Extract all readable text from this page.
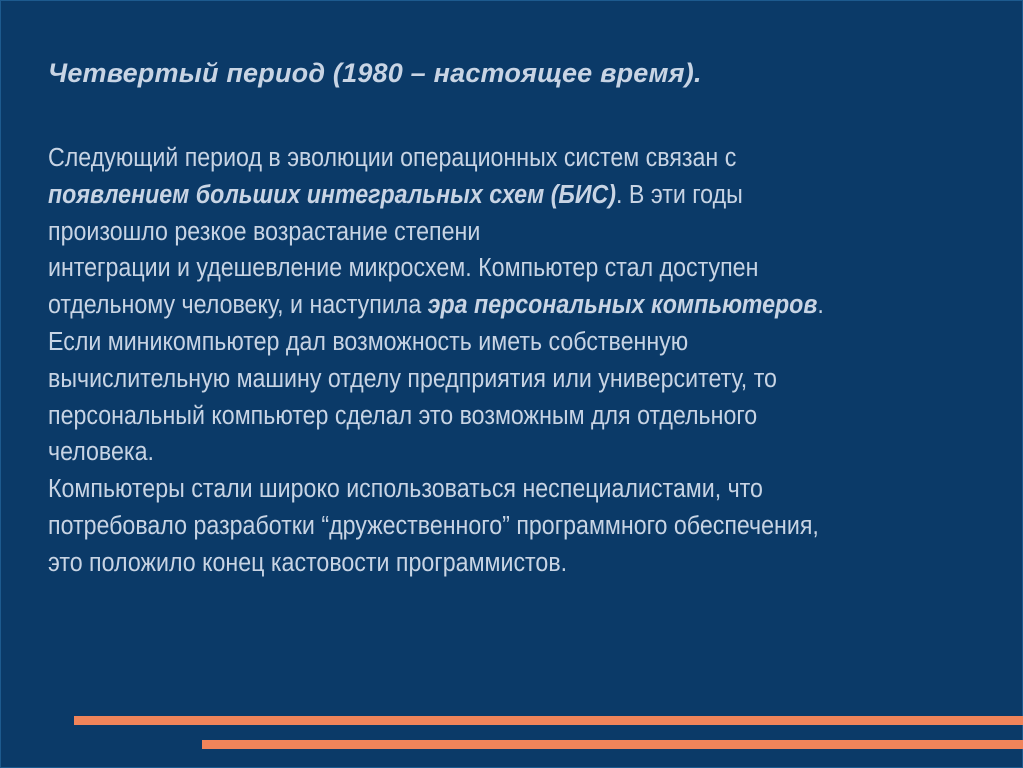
Четвертый период (1980 – настоящее время).
Следующий период в эволюции операционных систем связан с
появлением больших интегральных схем (БИС). В эти годы
произошло резкое возрастание степени
интеграции и удешевление микросхем. Компьютер стал доступен
отдельному человеку, и наступила эра персональных компьютеров.
Если миникомпьютер дал возможность иметь собственную
вычислительную машину отделу предприятия или университету, то
персональный компьютер сделал это возможным для отдельного
человека.
Компьютеры стали широко использоваться неспециалистами, что
потребовало разработки “дружественного” программного обеспечения,
это положило конец кастовости программистов.
